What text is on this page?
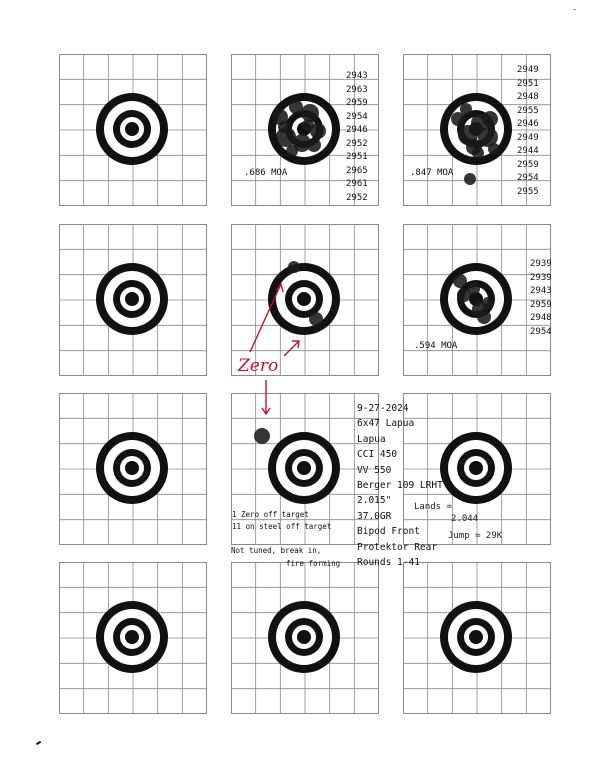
2943
2963
2959
2954
2946
2952
2951
2965
2961
2952
2949
2951
2948
2955
2946
2949
2944
2959
2954
2955
2939
2939
2943
2959
2948
2954
.686 MOA	.847 MOA
.594 MOA
Zero
9-27-2024
6x47 Lapua
Lapua
CCI 450
VV 550
Berger 109 LRHT
2.015"
37.0GR
Bipod Front
Protektor Rear
Rounds 1-41
Lands =
2.044
Jump = 29K
1 Zero off target
11 on steel off target
Not tuned, break in,
fire forming
